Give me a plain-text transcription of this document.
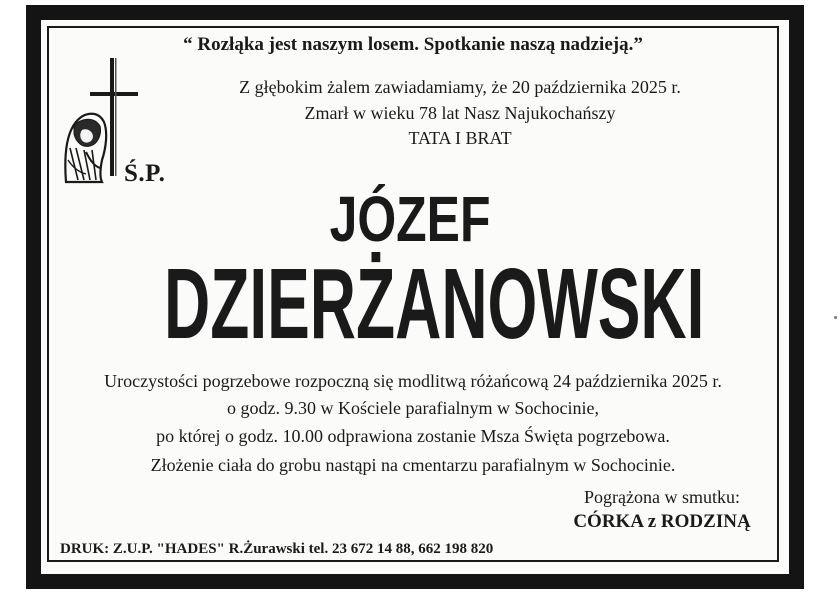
“ Rozłąka jest naszym losem. Spotkanie naszą nadzieją.”
Z głębokim żalem zawiadamiamy, że 20 października 2025 r.
Zmarł w wieku 78 lat Nasz Najukochańszy
TATA I BRAT
Ś.P.
JÓZEF
DZIERŻANOWSKI
Uroczystości pogrzebowe rozpoczną się modlitwą różańcową 24 października 2025 r.
o godz. 9.30 w Kościele parafialnym w Sochocinie,
po której o godz. 10.00 odprawiona zostanie Msza Święta pogrzebowa.
Złożenie ciała do grobu nastąpi na cmentarzu parafialnym w Sochocinie.
Pogrążona w smutku:
CÓRKA z RODZINĄ
DRUK: Z.U.P. "HADES" R.Żurawski tel. 23 672 14 88, 662 198 820
